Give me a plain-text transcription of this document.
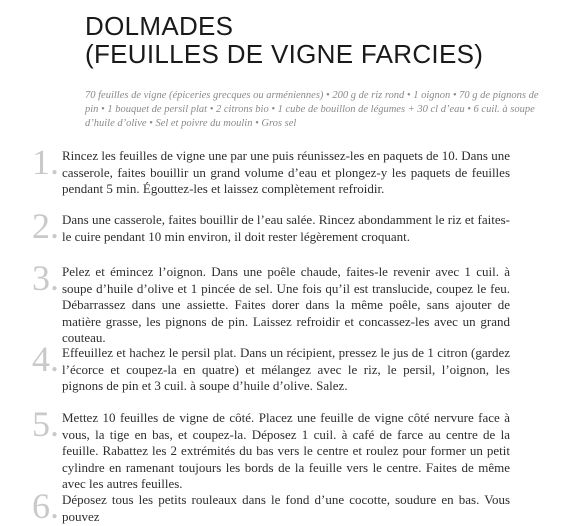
DOLMADES
(FEUILLES DE VIGNE FARCIES)

70 feuilles de vigne (épiceries grecques ou arméniennes) • 200 g de riz rond • 1 oignon • 70 g de pignons de pin • 1 bouquet de persil plat • 2 citrons bio • 1 cube de bouillon de légumes + 30 cl d’eau • 6 cuil. à soupe d’huile d’olive • Sel et poivre du moulin • Gros sel

1. Rincez les feuilles de vigne une par une puis réunissez-les en paquets de 10. Dans une casserole, faites bouillir un grand volume d’eau et plongez-y les paquets de feuilles pendant 5 min. Égouttez-les et laissez complètement refroidir.

2. Dans une casserole, faites bouillir de l’eau salée. Rincez abondamment le riz et faites-le cuire pendant 10 min environ, il doit rester légèrement croquant.

3. Pelez et émincez l’oignon. Dans une poêle chaude, faites-le revenir avec 1 cuil. à soupe d’huile d’olive et 1 pincée de sel. Une fois qu’il est translucide, coupez le feu. Débarrassez dans une assiette. Faites dorer dans la même poêle, sans ajouter de matière grasse, les pignons de pin. Laissez refroidir et concassez-les avec un grand couteau.

4. Effeuillez et hachez le persil plat. Dans un récipient, pressez le jus de 1 citron (gardez l’écorce et coupez-la en quatre) et mélangez avec le riz, le persil, l’oignon, les pignons de pin et 3 cuil. à soupe d’huile d’olive. Salez.

5. Mettez 10 feuilles de vigne de côté. Placez une feuille de vigne côté nervure face à vous, la tige en bas, et coupez-la. Déposez 1 cuil. à café de farce au centre de la feuille. Rabattez les 2 extrémités du bas vers le centre et roulez pour former un petit cylindre en ramenant toujours les bords de la feuille vers le centre. Faites de même avec les autres feuilles.

6. Déposez tous les petits rouleaux dans le fond d’une cocotte, soudure en bas. Vous pouvez
